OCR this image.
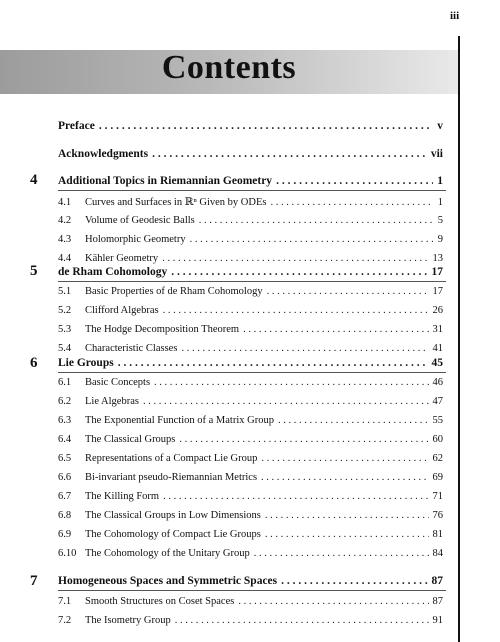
iii
Contents
Preface . . .	v
Acknowledgments . . .	vii
4 Additional Topics in Riemannian Geometry . . .	1
4.1 Curves and Surfaces in ℝⁿ Given by ODEs . . .	1
4.2 Volume of Geodesic Balls . . .	5
4.3 Holomorphic Geometry . . .	9
4.4 Kähler Geometry . . .	13
5 de Rham Cohomology . . .	17
5.1 Basic Properties of de Rham Cohomology . . .	17
5.2 Clifford Algebras . . .	26
5.3 The Hodge Decomposition Theorem . . .	31
5.4 Characteristic Classes . . .	41
6 Lie Groups . . .	45
6.1 Basic Concepts . . .	46
6.2 Lie Algebras . . .	47
6.3 The Exponential Function of a Matrix Group . . .	55
6.4 The Classical Groups . . .	60
6.5 Representations of a Compact Lie Group . . .	62
6.6 Bi-invariant pseudo-Riemannian Metrics . . .	69
6.7 The Killing Form . . .	71
6.8 The Classical Groups in Low Dimensions . . .	76
6.9 The Cohomology of Compact Lie Groups . . .	81
6.10 The Cohomology of the Unitary Group . . .	84
7 Homogeneous Spaces and Symmetric Spaces . . .	87
7.1 Smooth Structures on Coset Spaces . . .	87
7.2 The Isometry Group . . .	91
